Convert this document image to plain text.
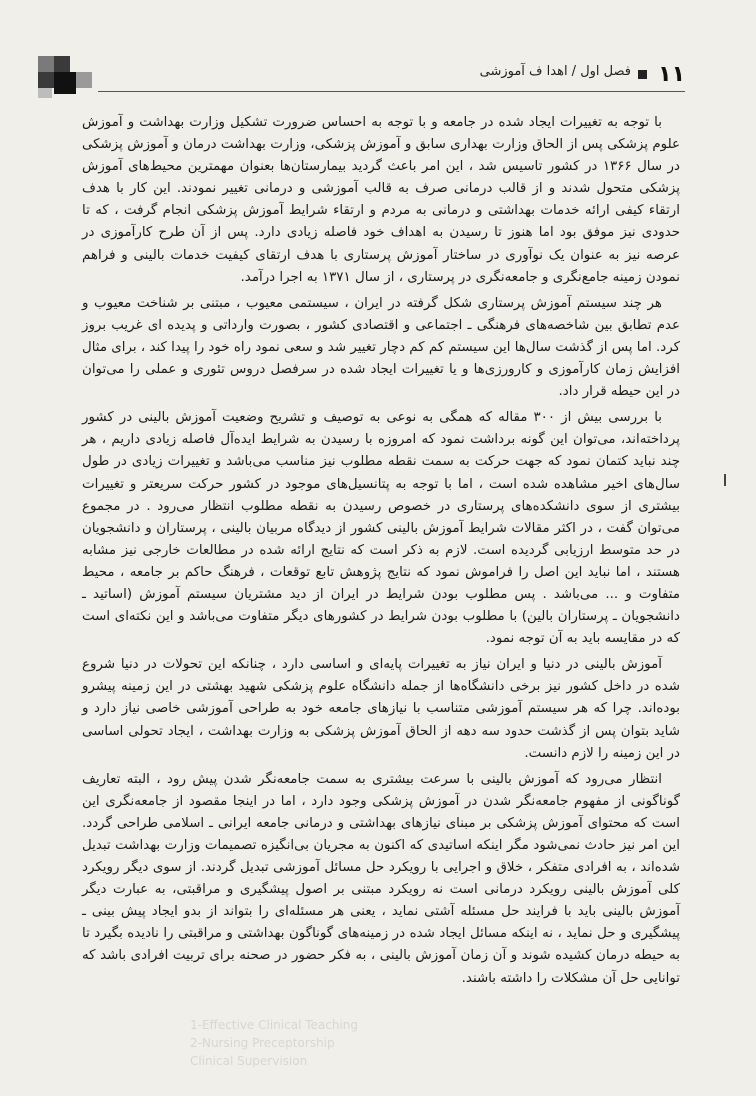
۱۱
فصل اول / اهدا ف آموزشی

با توجه به تغییرات ایجاد شده در جامعه و با توجه به احساس ضرورت تشکیل وزارت بهداشت و آموزش علوم پزشکی پس از الحاق وزارت بهداری سابق و آموزش پزشکی، وزارت بهداشت درمان و آموزش پزشکی در سال ۱۳۶۶ در کشور تاسیس شد ، این امر باعث گردید بیمارستان‌ها بعنوان مهمترین محیط‌های آموزش پزشکی متحول شدند و از قالب درمانی صرف به قالب آموزشی و درمانی تغییر نمودند. این کار با هدف ارتقاء کیفی ارائه خدمات بهداشتی و درمانی به مردم و ارتقاء شرایط آموزش پزشکی انجام گرفت ، که تا حدودی نیز موفق بود اما هنوز تا رسیدن به اهداف خود فاصله زیادی دارد. پس از آن طرح کارآموزی در عرصه نیز به عنوان یک نوآوری در ساختار آموزش پرستاری با هدف ارتقای کیفیت خدمات بالینی و فراهم نمودن زمینه جامع‌نگری و جامعه‌نگری در پرستاری ، از سال ۱۳۷۱ به اجرا درآمد.

هر چند سیستم آموزش پرستاری شکل گرفته در ایران ، سیستمی معیوب ، مبتنی بر شناخت معیوب و عدم تطابق بین شاخصه‌های فرهنگی ـ اجتماعی و اقتصادی کشور ، بصورت وارداتی و پدیده ای غریب بروز کرد. اما پس از گذشت سال‌ها این سیستم کم کم دچار تغییر شد و سعی نمود راه خود را پیدا کند ، برای مثال افزایش زمان کارآموزی و کارورزی‌ها و یا تغییرات ایجاد شده در سرفصل دروس تئوری و عملی را می‌توان در این حیطه قرار داد.

با بررسی بیش از ۳۰۰ مقاله که همگی به نوعی به توصیف و تشریح وضعیت آموزش بالینی در کشور پرداخته‌اند، می‌توان این گونه برداشت نمود که امروزه با رسیدن به شرایط ایده‌آل فاصله زیادی داریم ، هر چند نباید کتمان نمود که جهت حرکت به سمت نقطه مطلوب نیز مناسب می‌باشد و تغییرات زیادی در طول سال‌های اخیر مشاهده شده است ، اما با توجه به پتانسیل‌های موجود در کشور حرکت سریعتر و تغییرات بیشتری از سوی دانشکده‌های پرستاری در خصوص رسیدن به نقطه مطلوب انتظار می‌رود . در مجموع می‌توان گفت ، در اکثر مقالات شرایط آموزش بالینی کشور از دیدگاه مربیان بالینی ، پرستاران و دانشجویان در حد متوسط ارزیابی گردیده است. لازم به ذکر است که نتایج ارائه شده در مطالعات خارجی نیز مشابه هستند ، اما نباید این اصل را فراموش نمود که نتایج پژوهش تابع توقعات ، فرهنگ حاکم بر جامعه ، محیط متفاوت و ... می‌باشد . پس مطلوب بودن شرایط در ایران از دید مشتریان سیستم آموزش (اساتید ـ دانشجویان ـ پرستاران بالین) با مطلوب بودن شرایط در کشورهای دیگر متفاوت می‌باشد و این نکته‌ای است که در مقایسه باید به آن توجه نمود.

آموزش بالینی در دنیا و ایران نیاز به تغییرات پایه‌ای و اساسی دارد ، چنانکه این تحولات در دنیا شروع شده در داخل کشور نیز برخی دانشگاه‌ها از جمله دانشگاه علوم پزشکی شهید بهشتی در این زمینه پیشرو بوده‌اند. چرا که هر سیستم آموزشی متناسب با نیازهای جامعه خود به طراحی آموزشی خاصی نیاز دارد و شاید بتوان پس از گذشت حدود سه دهه از الحاق آموزش پزشکی به وزارت بهداشت ، ایجاد تحولی اساسی در این زمینه را لازم دانست.

انتظار می‌رود که آموزش بالینی با سرعت بیشتری به سمت جامعه‌نگر شدن پیش رود ، البته تعاریف گوناگونی از مفهوم جامعه‌نگر شدن در آموزش پزشکی وجود دارد ، اما در اینجا مقصود از جامعه‌نگری این است که محتوای آموزش پزشکی بر مبنای نیازهای بهداشتی و درمانی جامعه ایرانی ـ اسلامی طراحی گردد. این امر نیز حادث نمی‌شود مگر اینکه اساتیدی که اکنون به مجریان بی‌انگیزه تصمیمات وزارت بهداشت تبدیل شده‌اند ، به افرادی متفکر ، خلاق و اجرایی با رویکرد حل مسائل آموزشی تبدیل گردند. از سوی دیگر رویکرد کلی آموزش بالینی رویکرد درمانی است نه رویکرد مبتنی بر اصول پیشگیری و مراقبتی، به عبارت دیگر آموزش بالینی باید با فرایند حل مسئله آشتی نماید ، یعنی هر مسئله‌ای را بتواند از بدو ایجاد پیش بینی ـ پیشگیری و حل نماید ، نه اینکه مسائل ایجاد شده در زمینه‌های گوناگون بهداشتی و مراقبتی را نادیده بگیرد تا به حیطه درمان کشیده شوند و آن زمان آموزش بالینی ، به فکر حضور در صحنه برای تربیت افرادی باشد که توانایی حل آن مشکلات را داشته باشند.

1-Effective Clinical Teaching
2-Nursing Preceptorship
Clinical Supervision
